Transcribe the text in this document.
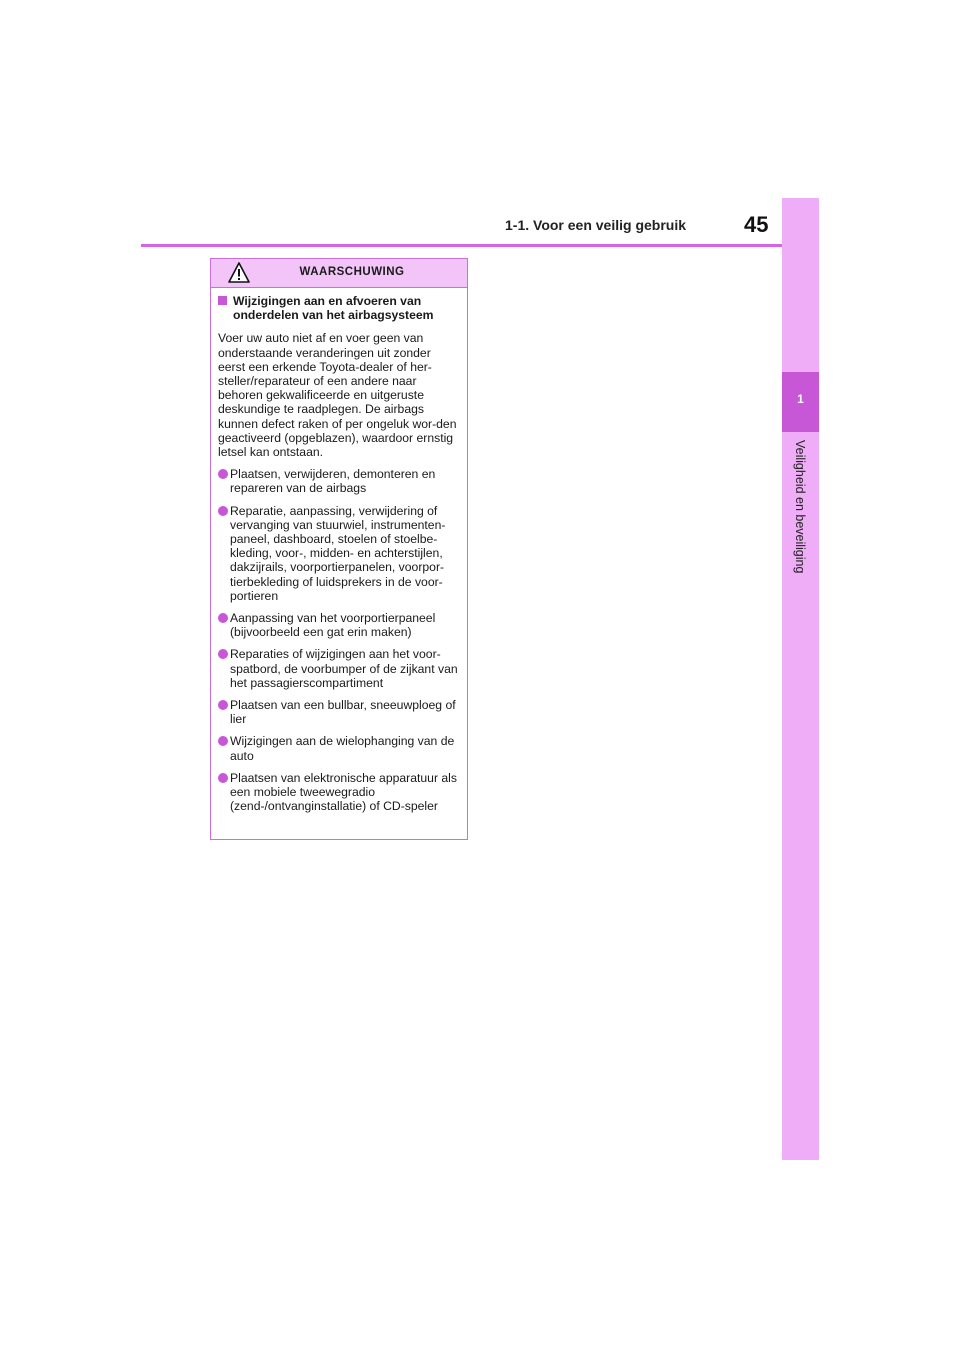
1
Veiligheid en beveiliging
1-1. Voor een veilig gebruik	45
WAARSCHUWING
Wijzigingen aan en afvoeren van onderdelen van het airbagsysteem

Voer uw auto niet af en voer geen van onderstaande veranderingen uit zonder eerst een erkende Toyota-dealer of her-steller/reparateur of een andere naar behoren gekwalificeerde en uitgeruste deskundige te raadplegen. De airbags kunnen defect raken of per ongeluk wor-den geactiveerd (opgeblazen), waardoor ernstig letsel kan ontstaan.

Plaatsen, verwijderen, demonteren en repareren van de airbags
Reparatie, aanpassing, verwijdering of vervanging van stuurwiel, instrumenten-paneel, dashboard, stoelen of stoelbe-kleding, voor-, midden- en achterstijlen, dakzijrails, voorportierpanelen, voorpor-tierbekleding of luidsprekers in de voor-portieren
Aanpassing van het voorportierpaneel (bijvoorbeeld een gat erin maken)
Reparaties of wijzigingen aan het voor-spatbord, de voorbumper of de zijkant van het passagierscompartiment
Plaatsen van een bullbar, sneeuwploeg of lier
Wijzigingen aan de wielophanging van de auto
Plaatsen van elektronische apparatuur als een mobiele tweewegradio (zend-/ontvanginstallatie) of CD-speler
